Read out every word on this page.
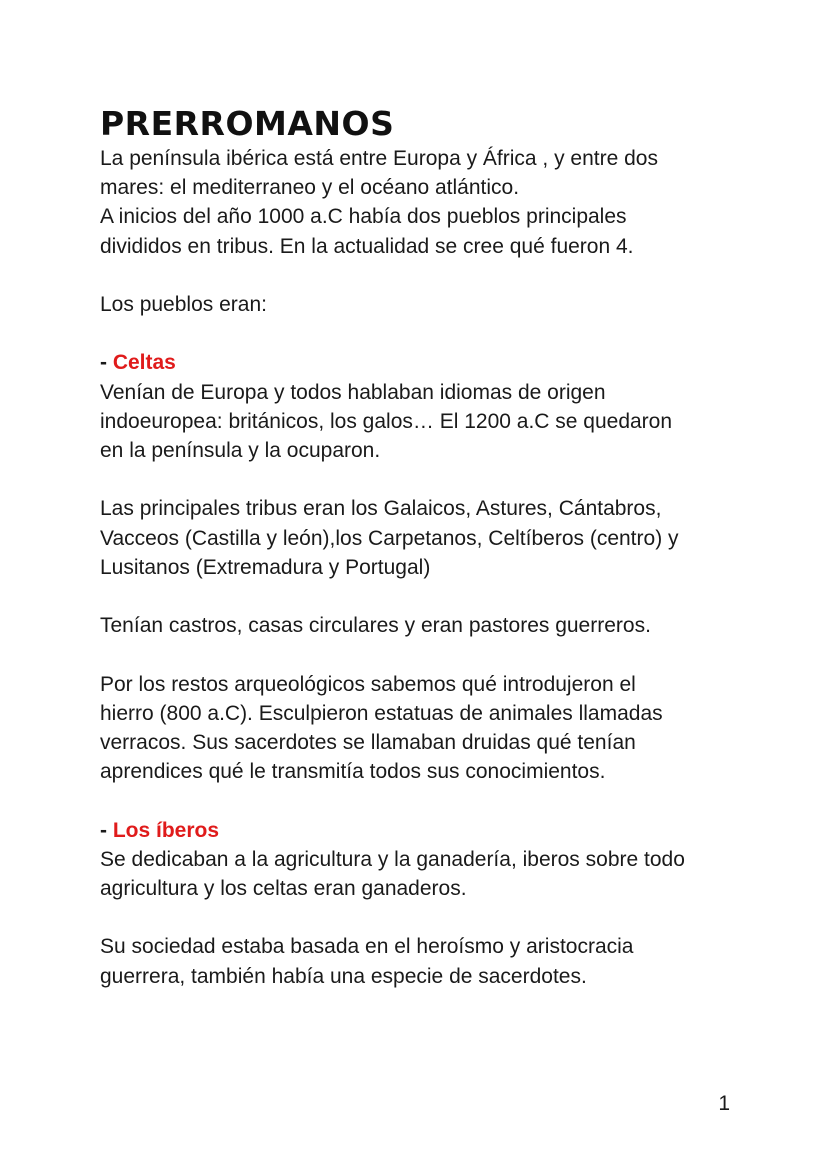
PRERROMANOS
La península ibérica está entre Europa y África , y entre dos
mares: el mediterraneo y el océano atlántico.
A inicios del año 1000 a.C había dos pueblos principales
divididos en tribus. En la actualidad se cree qué fueron 4.
Los pueblos eran:
- Celtas
Venían de Europa y todos hablaban idiomas de origen
indoeuropea: británicos, los galos… El 1200 a.C se quedaron
en la península y la ocuparon.
Las principales tribus eran los Galaicos, Astures, Cántabros,
Vacceos (Castilla y león),los Carpetanos, Celtíberos (centro) y
Lusitanos (Extremadura y Portugal)
Tenían castros, casas circulares y eran pastores guerreros.
Por los restos arqueológicos sabemos qué introdujeron el
hierro (800 a.C). Esculpieron estatuas de animales llamadas
verracos. Sus sacerdotes se llamaban druidas qué tenían
aprendices qué le transmitía todos sus conocimientos.
- Los íberos
Se dedicaban a la agricultura y la ganadería, iberos sobre todo
agricultura y los celtas eran ganaderos.
Su sociedad estaba basada en el heroísmo y aristocracia
guerrera, también había una especie de sacerdotes.
1
